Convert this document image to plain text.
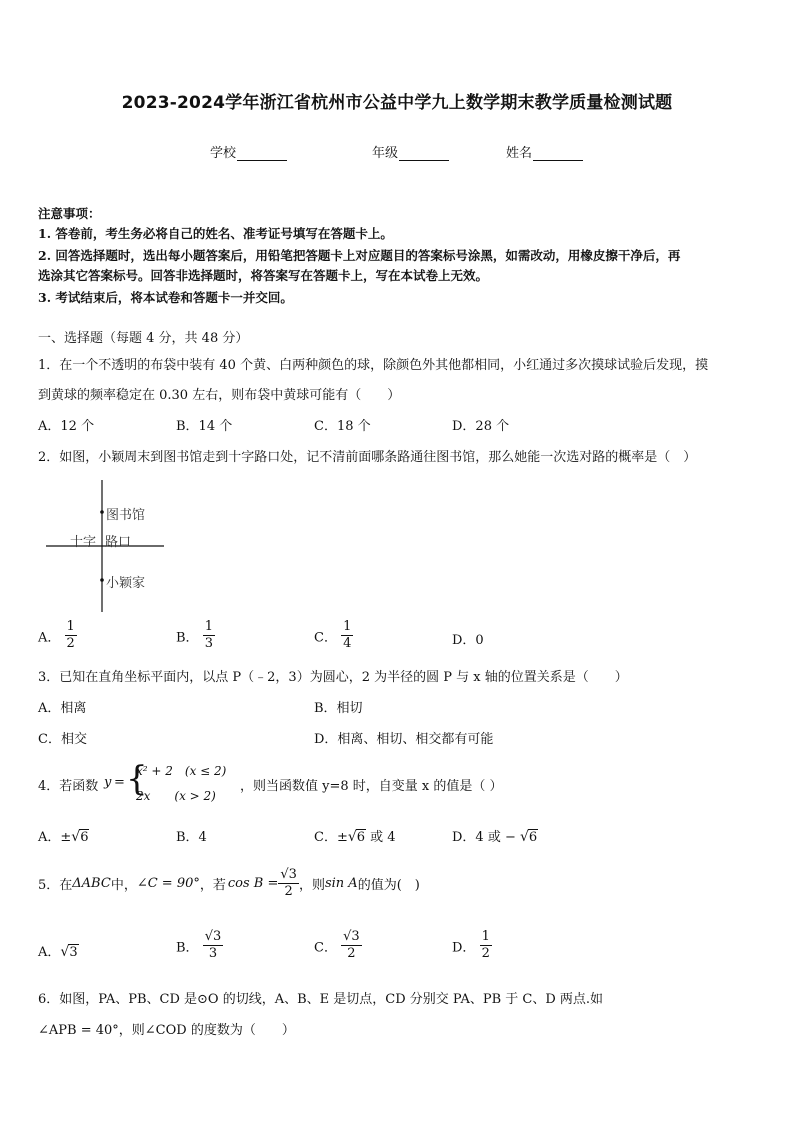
2023-2024学年浙江省杭州市公益中学九上数学期末教学质量检测试题
学校	年级	姓名
注意事项：
1. 答卷前，考生务必将自己的姓名、准考证号填写在答题卡上。
2. 回答选择题时，选出每小题答案后，用铅笔把答题卡上对应题目的答案标号涂黑，如需改动，用橡皮擦干净后，再
选涂其它答案标号。回答非选择题时，将答案写在答题卡上，写在本试卷上无效。
3. 考试结束后，将本试卷和答题卡一并交回。
一、选择题（每题 4 分，共 48 分）
1．在一个不透明的布袋中装有 40 个黄、白两种颜色的球，除颜色外其他都相同，小红通过多次摸球试验后发现，摸
到黄球的频率稳定在 0.30 左右，则布袋中黄球可能有（　　）
A．12 个	B．14 个	C．18 个	D．28 个
2．如图，小颖周末到图书馆走到十字路口处，记不清前面哪条路通往图书馆，那么她能一次选对路的概率是（　）
图书馆
十字 路口
小颖家
A． $\frac{1}{2}$	B． $\frac{1}{3}$	C． $\frac{1}{4}$	D．0
3．已知在直角坐标平面内，以点 P（﹣2，3）为圆心，2 为半径的圆 P 与 x 轴的位置关系是（　　）
A．相离	B．相切
C．相交	D．相离、相切、相交都有可能
4．若函数 y = {
x² + 2　(x ≤ 2)
2x　　(x > 2)
，则当函数值 y=8 时，自变量 x 的值是（ ）
A．±√6	B．4	C．±√6 或 4	D．4 或 − √6
5．在 ΔABC 中， ∠C = 90° ，若 $\cos B = \frac{√3}{2}$ ，则 sin A 的值为(　)
A．√3	B． $\frac{√3}{3}$	C． $\frac{√3}{2}$	D． $\frac{1}{2}$
6．如图，PA、PB、CD 是⊙O 的切线，A、B、E 是切点，CD 分别交 PA、PB 于 C、D 两点.如
∠APB = 40°，则∠COD 的度数为（　　）
